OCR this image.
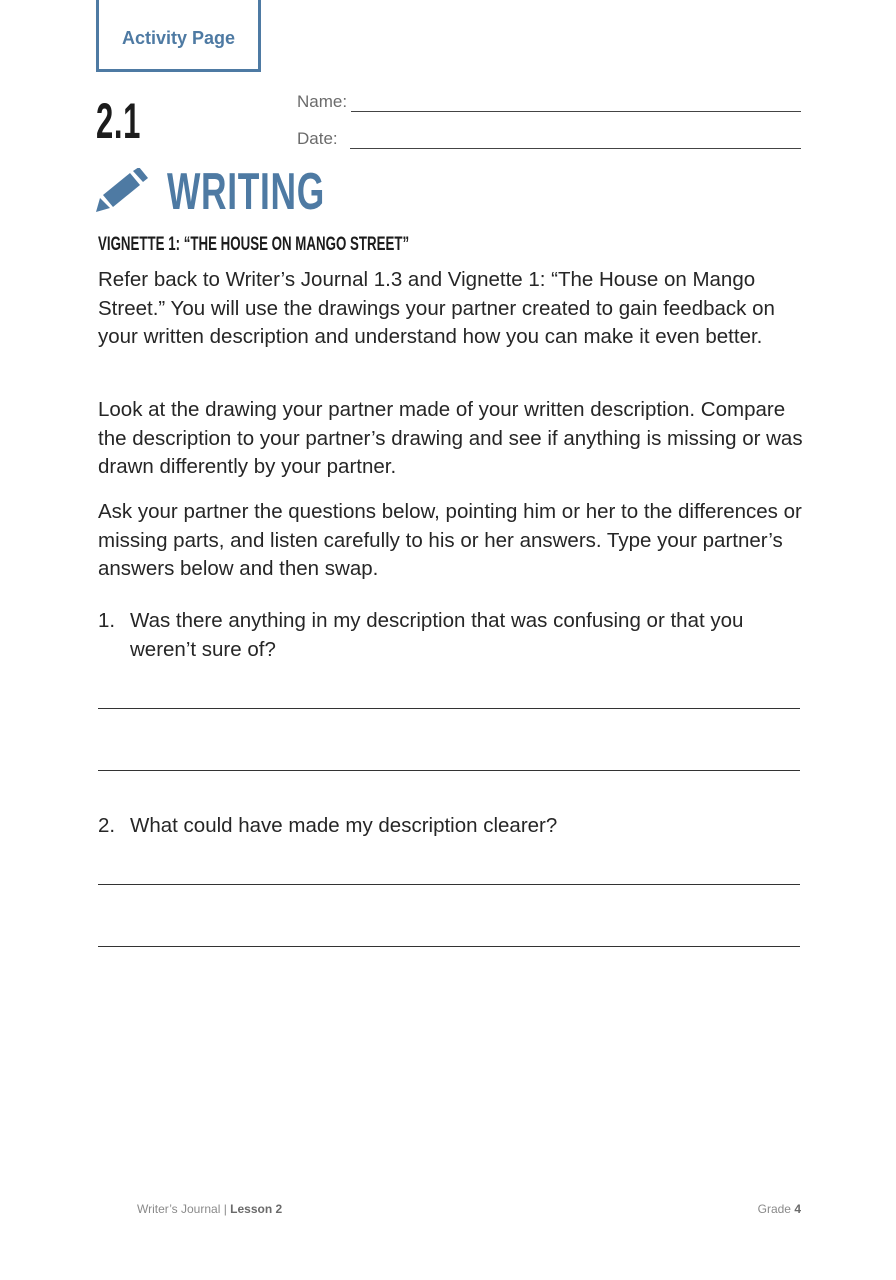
Activity Page
2.1	Name:
Date:
WRITING
VIGNETTE 1: “THE HOUSE ON MANGO STREET”

Refer back to Writer’s Journal 1.3 and Vignette 1: “The House on Mango Street.” You will use the drawings your partner created to gain feedback on your written description and understand how you can make it even better.

Look at the drawing your partner made of your written description. Compare the description to your partner’s drawing and see if anything is missing or was drawn differently by your partner.

Ask your partner the questions below, pointing him or her to the differences or missing parts, and listen carefully to his or her answers. Type your partner’s answers below and then swap.

1. Was there anything in my description that was confusing or that you weren’t sure of?
2. What could have made my description clearer?
Writer’s Journal | Lesson 2	Grade 4
